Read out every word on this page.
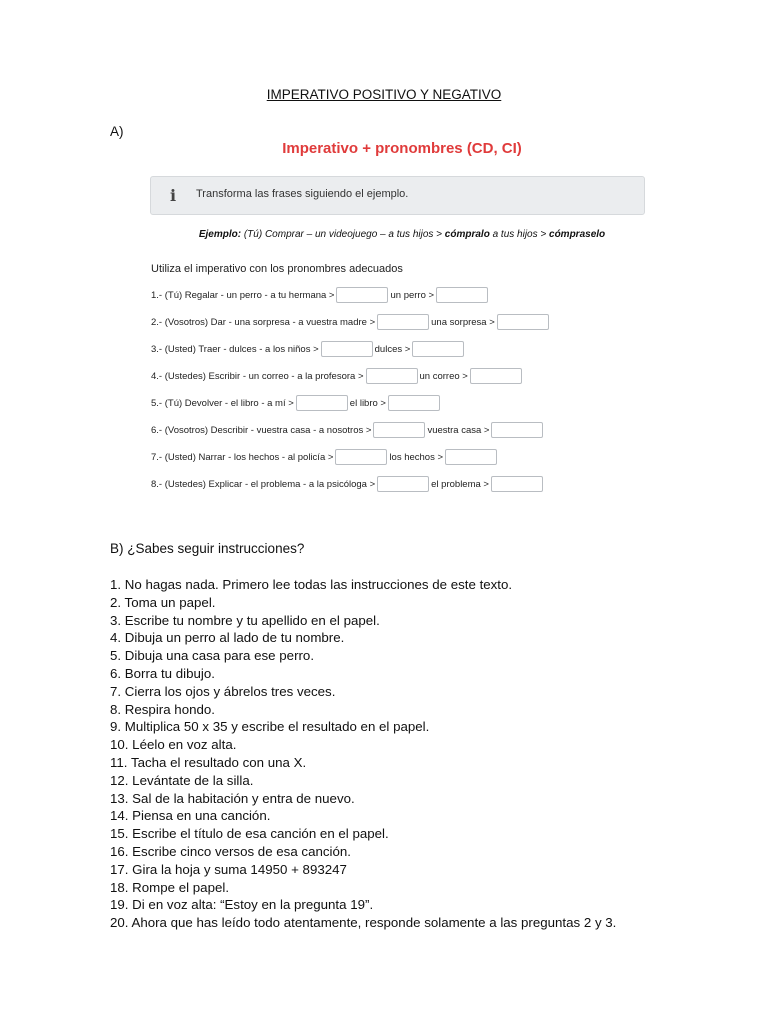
IMPERATIVO POSITIVO Y NEGATIVO
A)
Imperativo + pronombres (CD, CI)
i Transforma las frases siguiendo el ejemplo.
Ejemplo: (Tú) Comprar – un videojuego – a tus hijos > cómpralo a tus hijos > cómpraselo
Utiliza el imperativo con los pronombres adecuados
1.- (Tú) Regalar - un perro - a tu hermana >	un perro >
2.- (Vosotros) Dar - una sorpresa - a vuestra madre >	una sorpresa >
3.- (Usted) Traer - dulces - a los niños >	dulces >
4.- (Ustedes) Escribir - un correo - a la profesora >	un correo >
5.- (Tú) Devolver - el libro - a mí >	el libro >
6.- (Vosotros) Describir - vuestra casa - a nosotros >	vuestra casa >
7.- (Usted) Narrar - los hechos - al policía >	los hechos >
8.- (Ustedes) Explicar - el problema - a la psicóloga >	el problema >
B) ¿Sabes seguir instrucciones?
1. No hagas nada. Primero lee todas las instrucciones de este texto.
2. Toma un papel.
3. Escribe tu nombre y tu apellido en el papel.
4. Dibuja un perro al lado de tu nombre.
5. Dibuja una casa para ese perro.
6. Borra tu dibujo.
7. Cierra los ojos y ábrelos tres veces.
8. Respira hondo.
9. Multiplica 50 x 35 y escribe el resultado en el papel.
10. Léelo en voz alta.
11. Tacha el resultado con una X.
12. Levántate de la silla.
13. Sal de la habitación y entra de nuevo.
14. Piensa en una canción.
15. Escribe el título de esa canción en el papel.
16. Escribe cinco versos de esa canción.
17. Gira la hoja y suma 14950 + 893247
18. Rompe el papel.
19. Di en voz alta: “Estoy en la pregunta 19”.
20. Ahora que has leído todo atentamente, responde solamente a las preguntas 2 y 3.
